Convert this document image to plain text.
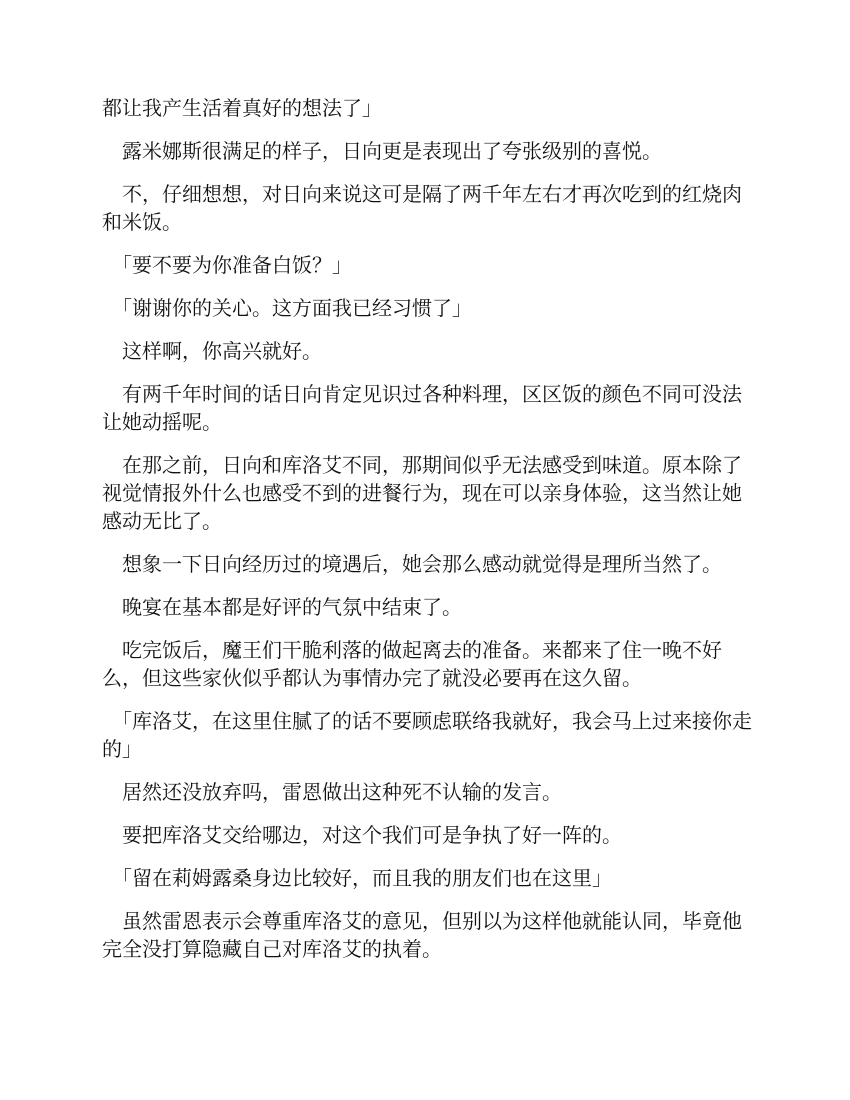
都让我产生活着真好的想法了」

　露米娜斯很满足的样子，日向更是表现出了夸张级别的喜悦。

　不，仔细想想，对日向来说这可是隔了两千年左右才再次吃到的红烧肉和米饭。

　「要不要为你准备白饭？」

　「谢谢你的关心。这方面我已经习惯了」

　这样啊，你高兴就好。

　有两千年时间的话日向肯定见识过各种料理，区区饭的颜色不同可没法让她动摇呢。

　在那之前，日向和库洛艾不同，那期间似乎无法感受到味道。原本除了视觉情报外什么也感受不到的进餐行为，现在可以亲身体验，这当然让她感动无比了。

　想象一下日向经历过的境遇后，她会那么感动就觉得是理所当然了。

　晚宴在基本都是好评的气氛中结束了。

　吃完饭后，魔王们干脆利落的做起离去的准备。来都来了住一晚不好么，但这些家伙似乎都认为事情办完了就没必要再在这久留。

　「库洛艾，在这里住腻了的话不要顾虑联络我就好，我会马上过来接你走的」

　居然还没放弃吗，雷恩做出这种死不认输的发言。

　要把库洛艾交给哪边，对这个我们可是争执了好一阵的。

　「留在莉姆露桑身边比较好，而且我的朋友们也在这里」

　虽然雷恩表示会尊重库洛艾的意见，但别以为这样他就能认同，毕竟他完全没打算隐藏自己对库洛艾的执着。
